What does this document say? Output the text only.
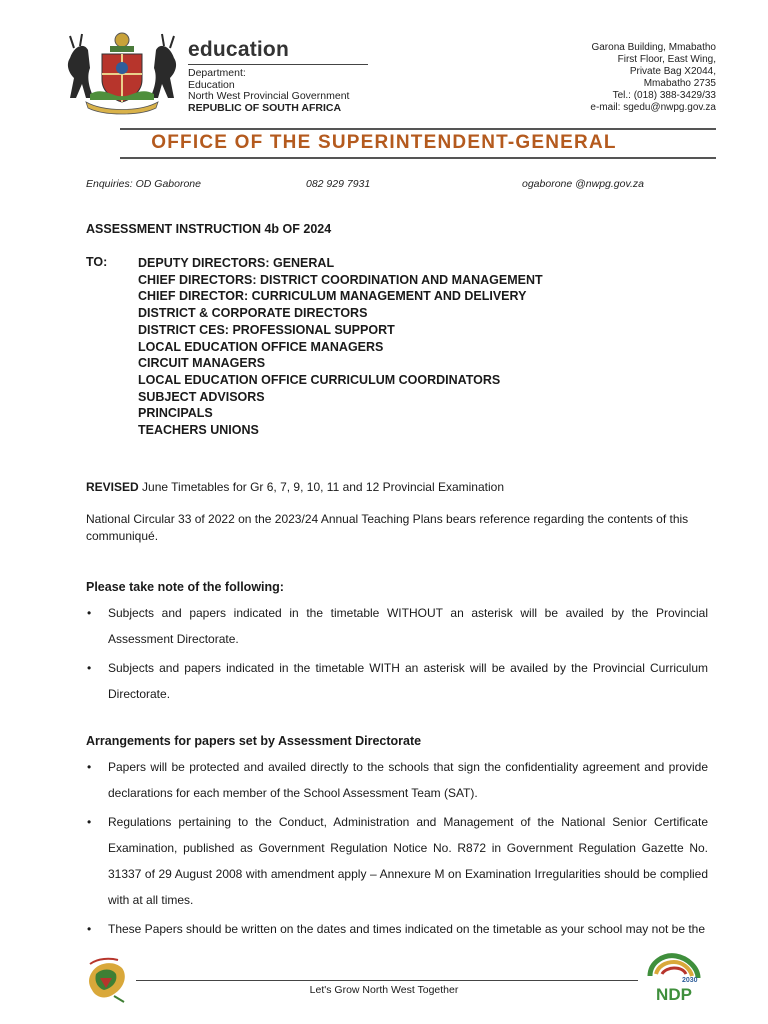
education
Department:
Education
North West Provincial Government
REPUBLIC OF SOUTH AFRICA
Garona Building, Mmabatho
First Floor, East Wing,
Private Bag X2044,
Mmabatho 2735
Tel.: (018) 388-3429/33
e-mail: sgedu@nwpg.gov.za
OFFICE OF THE SUPERINTENDENT-GENERAL
Enquiries: OD Gaborone	082 929 7931	ogaborone @nwpg.gov.za
ASSESSMENT INSTRUCTION 4b OF 2024
TO: DEPUTY DIRECTORS: GENERAL
CHIEF DIRECTORS: DISTRICT COORDINATION AND MANAGEMENT
CHIEF DIRECTOR: CURRICULUM MANAGEMENT AND DELIVERY
DISTRICT & CORPORATE DIRECTORS
DISTRICT CES: PROFESSIONAL SUPPORT
LOCAL EDUCATION OFFICE MANAGERS
CIRCUIT MANAGERS
LOCAL EDUCATION OFFICE CURRICULUM COORDINATORS
SUBJECT ADVISORS
PRINCIPALS
TEACHERS UNIONS
REVISED June Timetables for Gr 6, 7, 9, 10, 11 and 12 Provincial Examination
National Circular 33 of 2022 on the 2023/24 Annual Teaching Plans bears reference regarding the contents of this communiqué.
Please take note of the following:
•	Subjects and papers indicated in the timetable WITHOUT an asterisk will be availed by the Provincial Assessment Directorate.
•	Subjects and papers indicated in the timetable WITH an asterisk will be availed by the Provincial Curriculum Directorate.
Arrangements for papers set by Assessment Directorate
•	Papers will be protected and availed directly to the schools that sign the confidentiality agreement and provide declarations for each member of the School Assessment Team (SAT).
•	Regulations pertaining to the Conduct, Administration and Management of the National Senior Certificate Examination, published as Government Regulation Notice No. R872 in Government Regulation Gazette No. 31337 of 29 August 2008 with amendment apply – Annexure M on Examination Irregularities should be complied with at all times.
•	These Papers should be written on the dates and times indicated on the timetable as your school may not be the
Let's Grow North West Together
2030
NDP
